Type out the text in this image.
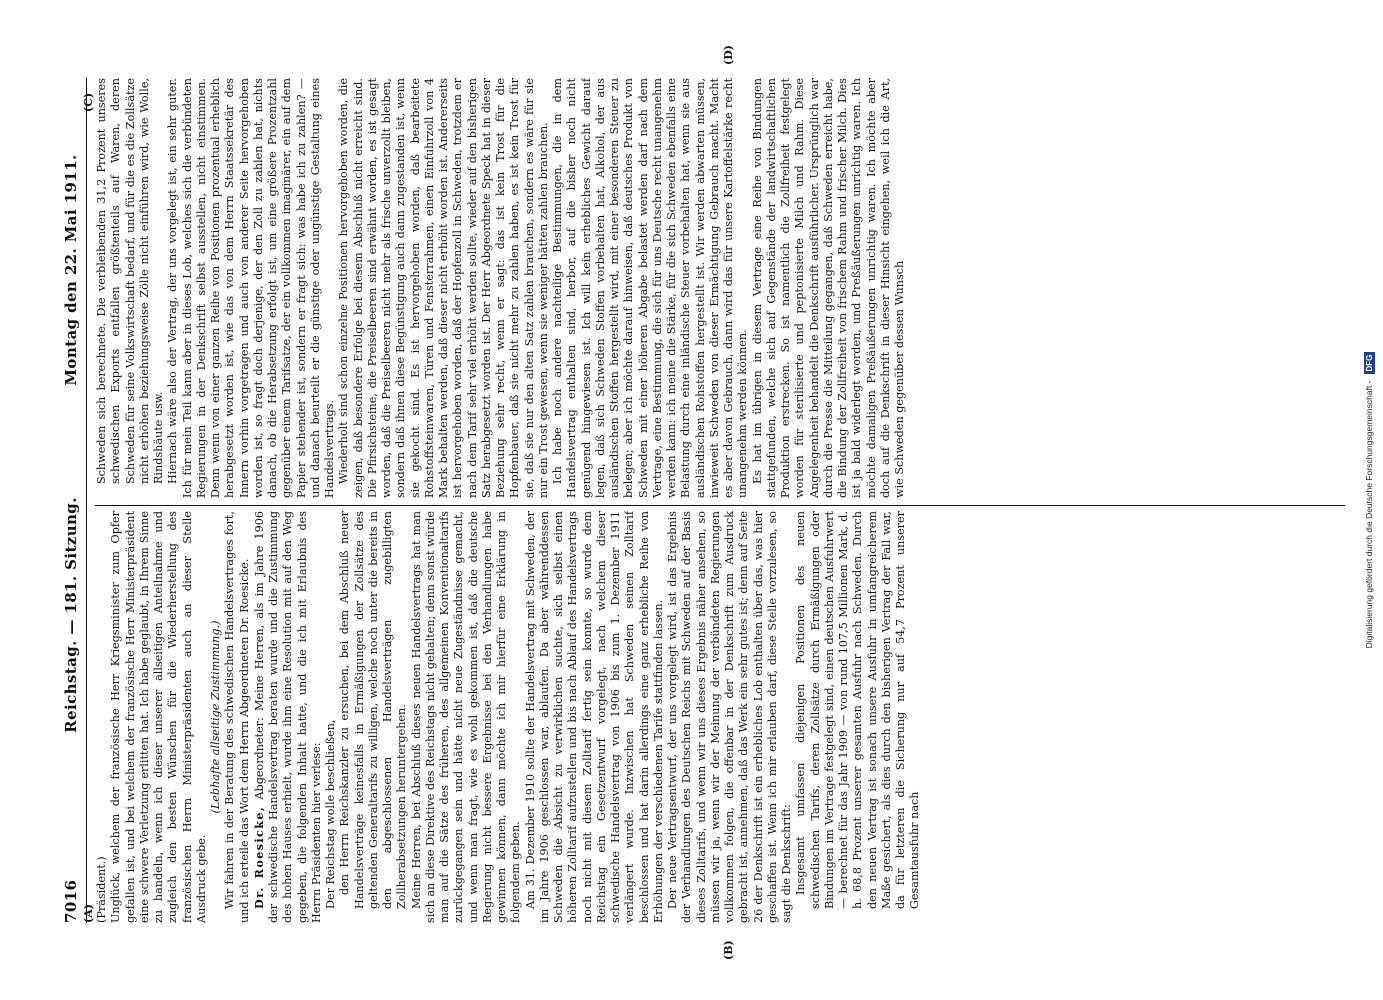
7016
Reichstag. — 181. Sitzung.
Montag den 22. Mai 1911.
(A)
(B)
(C)
(D)

(Präsident.) Unglück, welchem der französische Herr Kriegsminister zum Opfer gefallen ist, und bei welchem der französische Herr Ministerpräsident eine schwere Verletzung erlitten hat. Ich habe geglaubt, in Ihrem Sinne zu handeln, wenn ich dieser unserer allseitigen Anteilnahme und zugleich den besten Wünschen für die Wiederherstellung des französischen Herrn Ministerpräsidenten auch an dieser Stelle Ausdruck gebe.

(Lebhafte allseitige Zustimmung.) Wir fahren in der Beratung des schwedischen Handelsvertrages fort, und ich erteile das Wort dem Herrn Abgeordneten Dr. Roesicke. Dr. Roesicke, Abgeordneter: Meine Herren, als im Jahre 1906 der schwedische Handelsvertrag beraten wurde und die Zustimmung des hohen Hauses erhielt, wurde ihm eine Resolution mit auf den Weg gegeben, die folgenden Inhalt hatte, und die ich mit Erlaubnis des Herrn Präsidenten hier verlese: Der Reichstag wolle beschließen, den Herrn Reichskanzler zu ersuchen, bei dem Abschluß neuer Handelsverträge keinesfalls in Ermäßigungen der Zollsätze des geltenden Generaltarifs zu willigen, welche noch unter die bereits in den abgeschlossenen Handelsverträgen zugebilligten Zollherabsetzungen heruntergehen. Meine Herren, bei Abschluß dieses neuen Handelsvertrags hat man sich an diese Direktive des Reichstags nicht gehalten; denn sonst würde man auf die Sätze des früheren, des allgemeinen Konventionaltarifs zurückgegangen sein und hätte nicht neue Zugeständnisse gemacht, und wenn man fragt, wie es wohl gekommen ist, daß die deutsche Regierung nicht bessere Ergebnisse bei den Verhandlungen habe gewinnen können, dann möchte ich mir hierfür eine Erklärung in folgendem geben. Am 31. Dezember 1910 sollte der Handelsvertrag mit Schweden, der im Jahre 1906 geschlossen war, ablaufen. Da aber währenddessen Schweden die Absicht zu verwirklichen suchte, sich selbst einen höheren Zolltarif aufzustellen und bis nach Ablauf des Handelsvertrags noch nicht mit diesem Zolltarif fertig sein konnte, so wurde dem Reichstag ein Gesetzentwurf vorgelegt, nach welchem dieser schwedische Handelsvertrag von 1906 bis zum 1. Dezember 1911 verlängert wurde. Inzwischen hat Schweden seinen Zolltarif beschlossen und hat darin allerdings eine ganz erhebliche Reihe von Erhöhungen der verschiedenen Tarife stattfinden lassen. Der neue Vertragsentwurf, der uns vorgelegt wird, ist das Ergebnis der Verhandlungen des Deutschen Reichs mit Schweden auf der Basis dieses Zolltarifs, und wenn wir uns dieses Ergebnis näher ansehen, so müssen wir ja, wenn wir der Meinung der verbündeten Regierungen vollkommen folgen, die offenbar in der Denkschrift zum Ausdruck gebracht ist, annehmen, daß das Werk ein sehr gutes ist; denn auf Seite 26 der Denkschrift ist ein erhebliches Lob enthalten über das, was hier geschaffen ist. Wenn ich mir erlauben darf, diese Stelle vorzulesen, so sagt die Denkschrift: Insgesamt umfassen diejenigen Positionen des neuen schwedischen Tarifs, deren Zollsätze durch Ermäßigungen oder Bindungen im Vertrage festgelegt sind, einen deutschen Ausfuhrwert — berechnet für das Jahr 1909 — von rund 107,5 Millionen Mark, d. h. 68,8 Prozent unserer gesamten Ausfuhr nach Schweden. Durch den neuen Vertrag ist sonach unsere Ausfuhr in umfangreicherem Maße gesichert, als dies durch den bisherigen Vertrag der Fall war, da für letzteren die Sicherung nur auf 54,7 Prozent unserer Gesamtausfuhr nach

Schweden sich berechnete. Die verbleibenden 31,2 Prozent unseres schwedischen Exports entfallen größtenteils auf Waren, deren Schweden für seine Volkswirtschaft bedarf, und für die es die Zollsätze nicht erhöhen beziehungsweise Zölle nicht einführen wird, wie Wolle, Rindshäute usw. Hiernach wäre also der Vertrag, der uns vorgelegt ist, ein sehr guter. Ich für mein Teil kann aber in dieses Lob, welches sich die verbündeten Regierungen in der Denkschrift selbst ausstellen, nicht einstimmen. Denn wenn von einer ganzen Reihe von Positionen prozentual erheblich herabgesetzt worden ist, wie das von dem Herrn Staatssekretär des Innern vorhin vorgetragen und auch von anderer Seite hervorgehoben worden ist, so fragt doch derjenige, der den Zoll zu zahlen hat, nichts danach, ob die Herabsetzung erfolgt ist, um eine größere Prozentzahl gegenüber einem Tarifsatze, der ein vollkommen imaginärer, ein auf dem Papier stehender ist, sondern er fragt sich: was habe ich zu zahlen? — und danach beurteilt er die günstige oder ungünstige Gestaltung eines Handelsvertrags. Wiederholt sind schon einzelne Positionen hervorgehoben worden, die zeigen, daß besondere Erfolge bei diesem Abschluß nicht erreicht sind. Die Pfirsichsteine, die Preiselbeeren sind erwähnt worden, es ist gesagt worden, daß die Preiselbeeren nicht mehr als frische unverzollt bleiben, sondern daß ihnen diese Begünstigung auch dann zugestanden ist, wenn sie gekocht sind. Es ist hervorgehoben worden, daß bearbeitete Rohstoffsteinwaren, Türen und Fensterrahmen, einen Einfuhrzoll von 4 Mark behalten werden, daß dieser nicht erhöht worden ist. Andererseits ist hervorgehoben worden, daß der Hopfenzoll in Schweden, trotzdem er nach dem Tarif sehr viel erhöht werden sollte, wieder auf den bisherigen Satz herabgesetzt worden ist. Der Herr Abgeordnete Speck hat in dieser Beziehung sehr recht, wenn er sagt: das ist kein Trost für die Hopfenbauer, daß sie nicht mehr zu zahlen haben, es ist kein Trost für sie, daß sie nur den alten Satz zahlen brauchen, sondern es wäre für sie nur ein Trost gewesen, wenn sie weniger hätten zahlen brauchen. Ich habe noch andere nachteilige Bestimmungen, die in dem Handelsvertrag enthalten sind, herbor, auf die bisher noch nicht genügend hingewiesen ist. Ich will kein erhebliches Gewicht darauf legen, daß sich Schweden Stoffen vorbehalten hat, Alkohol, der aus ausländischen Stoffen hergestellt wird, mit einer besonderen Steuer zu belegen; aber ich möchte darauf hinweisen, daß deutsches Produkt von Schweden mit einer höheren Abgabe belastet werden darf nach dem Vertrage, eine Bestimmung, die sich für uns Deutsche recht unangenehm werden kann: ich meine die Stärke, für die sich Schweden ebenfalls eine Belastung durch eine inländische Steuer vorbehalten hat, wenn sie aus ausländischen Rohstoffen hergestellt ist. Wir werden abwarten müssen, inwieweit Schweden von dieser Ermächtigung Gebrauch macht. Macht es aber davon Gebrauch, dann wird das für unsere Kartoffelstärke recht unangenehm werden können. Es hat im übrigen in diesem Vertrage eine Reihe von Bindungen stattgefunden, welche sich auf Gegenstände der landwirtschaftlichen Produktion erstrecken. So ist namentlich die Zollfreiheit festgelegt worden für sterilisierte und peptonisierte Milch und Rahm. Diese Angelegenheit behandelt die Denkschrift ausführlicher. Ursprünglich war durch die Presse die Mitteilung gegangen, daß Schweden erreicht habe, die Bindung der Zollfreiheit von frischem Rahm und frischer Milch. Dies ist ja bald widerlegt worden, und Preßäußerungen unrichtig waren. Ich möchte damaligen Preßäußerungen unrichtig waren. Ich möchte aber doch auf die Denkschrift in dieser Hinsicht eingehen, weil ich die Art, wie Schweden gegenüber dessen Wunsch

Digitalisierung gefördert durch die Deutsche Forschungsgemeinschaft -DFG
